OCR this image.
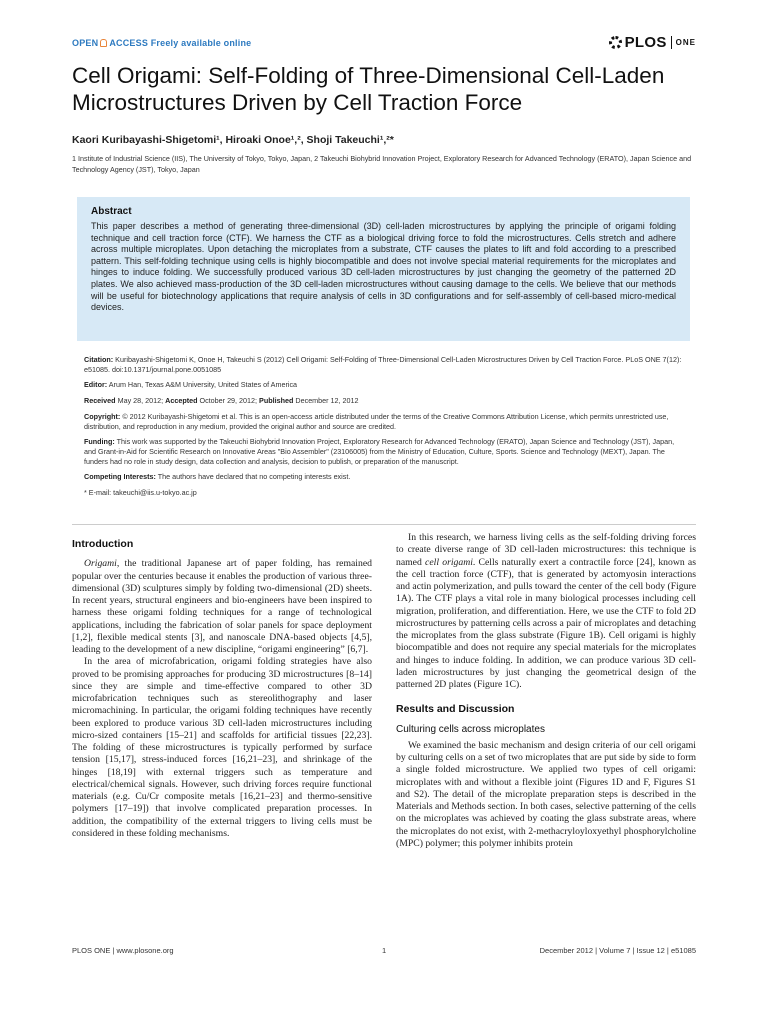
OPEN ACCESS Freely available online	PLOS ONE
Cell Origami: Self-Folding of Three-Dimensional Cell-Laden Microstructures Driven by Cell Traction Force
Kaori Kuribayashi-Shigetomi¹, Hiroaki Onoe¹,², Shoji Takeuchi¹,²*
1 Institute of Industrial Science (IIS), The University of Tokyo, Tokyo, Japan, 2 Takeuchi Biohybrid Innovation Project, Exploratory Research for Advanced Technology (ERATO), Japan Science and Technology Agency (JST), Tokyo, Japan
Abstract

This paper describes a method of generating three-dimensional (3D) cell-laden microstructures by applying the principle of origami folding technique and cell traction force (CTF). We harness the CTF as a biological driving force to fold the microstructures. Cells stretch and adhere across multiple microplates. Upon detaching the microplates from a substrate, CTF causes the plates to lift and fold according to a prescribed pattern. This self-folding technique using cells is highly biocompatible and does not involve special material requirements for the microplates and hinges to induce folding. We successfully produced various 3D cell-laden microstructures by just changing the geometry of the patterned 2D plates. We also achieved mass-production of the 3D cell-laden microstructures without causing damage to the cells. We believe that our methods will be useful for biotechnology applications that require analysis of cells in 3D configurations and for self-assembly of cell-based micro-medical devices.

Citation: Kuribayashi-Shigetomi K, Onoe H, Takeuchi S (2012) Cell Origami: Self-Folding of Three-Dimensional Cell-Laden Microstructures Driven by Cell Traction Force. PLoS ONE 7(12): e51085. doi:10.1371/journal.pone.0051085

Editor: Arum Han, Texas A&M University, United States of America

Received May 28, 2012; Accepted October 29, 2012; Published December 12, 2012

Copyright: © 2012 Kuribayashi-Shigetomi et al. This is an open-access article distributed under the terms of the Creative Commons Attribution License, which permits unrestricted use, distribution, and reproduction in any medium, provided the original author and source are credited.

Funding: This work was supported by the Takeuchi Biohybrid Innovation Project, Exploratory Research for Advanced Technology (ERATO), Japan Science and Technology (JST), Japan, and Grant-in-Aid for Scientific Research on Innovative Areas "Bio Assembler" (23106005) from the Ministry of Education, Culture, Sports. Science and Technology (MEXT), Japan. The funders had no role in study design, data collection and analysis, decision to publish, or preparation of the manuscript.

Competing Interests: The authors have declared that no competing interests exist.

* E-mail: takeuchi@iis.u-tokyo.ac.jp

Introduction

Origami, the traditional Japanese art of paper folding, has remained popular over the centuries because it enables the production of various three-dimensional (3D) sculptures simply by folding two-dimensional (2D) sheets. In recent years, structural engineers and bio-engineers have been inspired to harness these origami folding techniques for a range of technological applications, including the fabrication of solar panels for space deployment [1,2], flexible medical stents [3], and nanoscale DNA-based objects [4,5], leading to the development of a new discipline, “origami engineering” [6,7].

In the area of microfabrication, origami folding strategies have also proved to be promising approaches for producing 3D microstructures [8–14] since they are simple and time-effective compared to other 3D microfabrication techniques such as stereolithography and laser micromachining. In particular, the origami folding techniques have recently been explored to produce various 3D cell-laden microstructures including micro-sized containers [15–21] and scaffolds for artificial tissues [22,23]. The folding of these microstructures is typically performed by surface tension [15,17], stress-induced forces [16,21–23], and shrinkage of the hinges [18,19] with external triggers such as temperature and electrical/chemical signals. However, such driving forces require functional materials (e.g. Cu/Cr composite metals [16,21–23] and thermo-sensitive polymers [17–19]) that involve complicated preparation processes. In addition, the compatibility of the external triggers to living cells must be considered in these folding mechanisms.

In this research, we harness living cells as the self-folding driving forces to create diverse range of 3D cell-laden microstructures: this technique is named cell origami. Cells naturally exert a contractile force [24], known as the cell traction force (CTF), that is generated by actomyosin interactions and actin polymerization, and pulls toward the center of the cell body (Figure 1A). The CTF plays a vital role in many biological processes including cell migration, proliferation, and differentiation. Here, we use the CTF to fold 2D microstructures by patterning cells across a pair of microplates and detaching the microplates from the glass substrate (Figure 1B). Cell origami is highly biocompatible and does not require any special materials for the microplates and hinges to induce folding. In addition, we can produce various 3D cell-laden microstructures by just changing the geometrical design of the patterned 2D plates (Figure 1C).

Results and Discussion
Culturing cells across microplates

We examined the basic mechanism and design criteria of our cell origami by culturing cells on a set of two microplates that are put side by side to form a single folded microstructure. We applied two types of cell origami: microplates with and without a flexible joint (Figures 1D and F, Figures S1 and S2). The detail of the microplate preparation steps is described in the Materials and Methods section. In both cases, selective patterning of the cells on the microplates was achieved by coating the glass substrate areas, where the microplates do not exist, with 2-methacryloyloxyethyl phosphorylcholine (MPC) polymer; this polymer inhibits protein

PLOS ONE | www.plosone.org	1	December 2012 | Volume 7 | Issue 12 | e51085
